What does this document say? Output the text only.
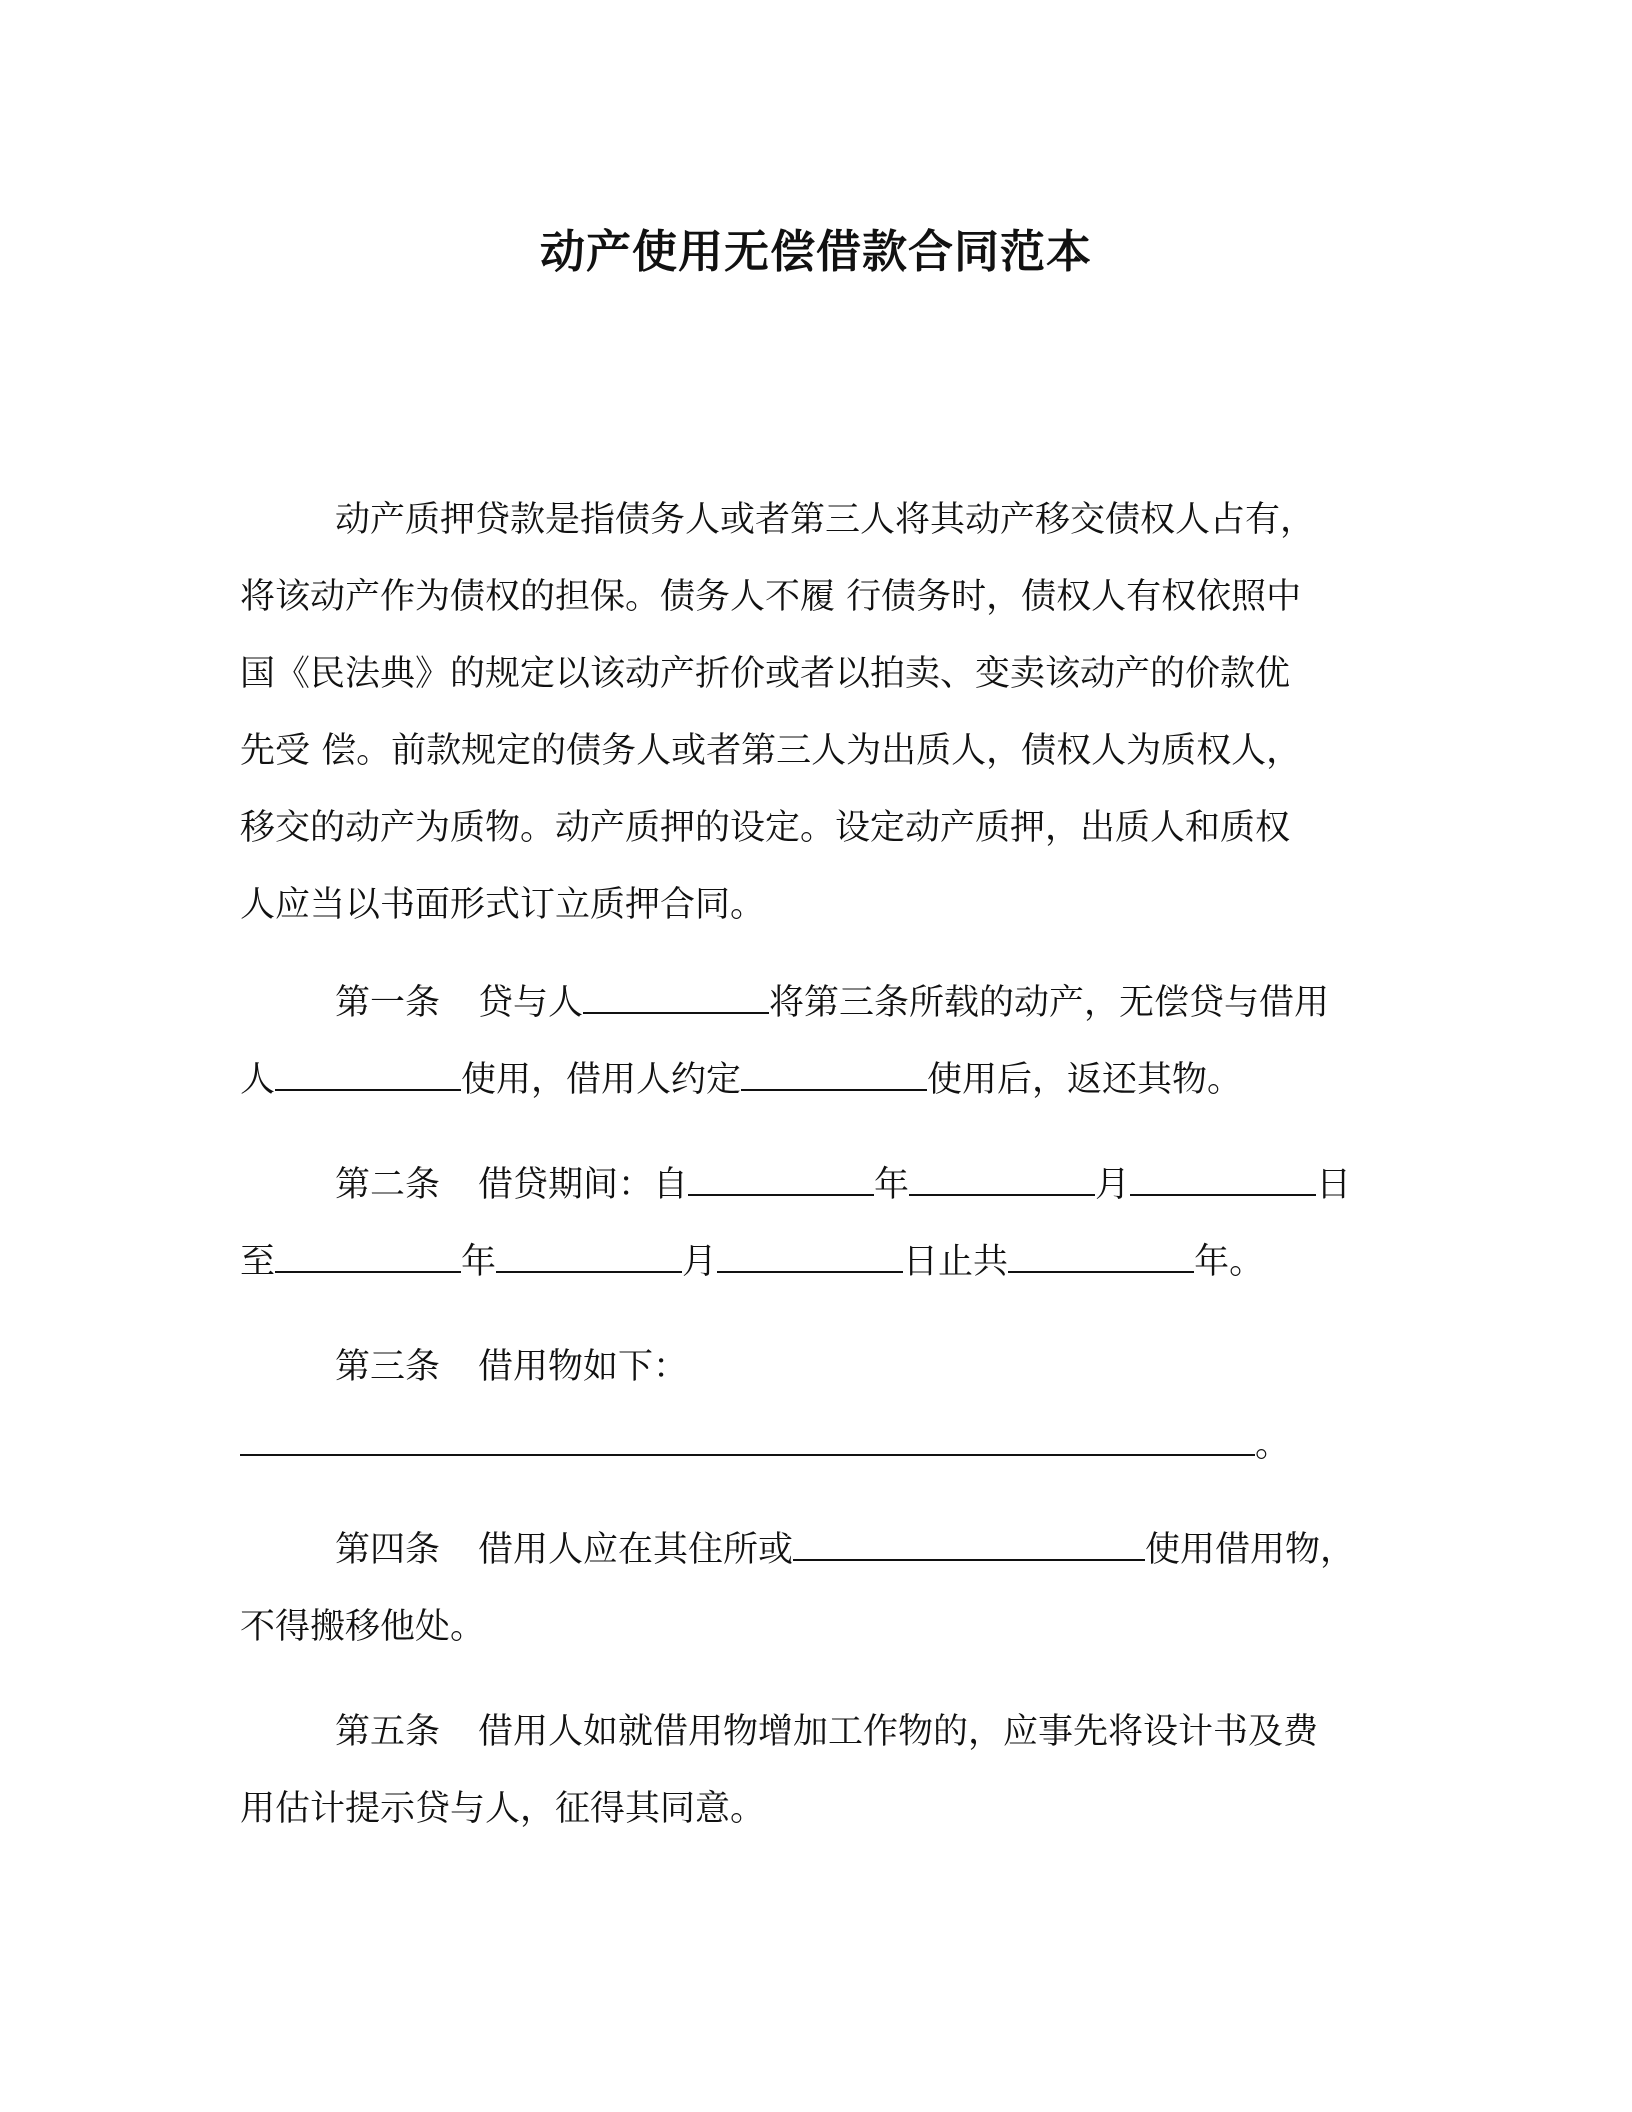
动产使用无偿借款合同范本
动产质押贷款是指债务人或者第三人将其动产移交债权人占有，
将该动产作为债权的担保。债务人不履 行债务时，债权人有权依照中
国《民法典》的规定以该动产折价或者以拍卖、变卖该动产的价款优
先受 偿。前款规定的债务人或者第三人为出质人，债权人为质权人，
移交的动产为质物。动产质押的设定。设定动产质押，出质人和质权
人应当以书面形式订立质押合同。
第一条 贷与人	将第三条所载的动产，无偿贷与借用
人	使用，借用人约定	使用后，返还其物。
第二条 借贷期间：自	年	月	日
至	年	月	日止共	年。
第三条 借用物如下：
。
第四条 借用人应在其住所或	使用借用物，
不得搬移他处。
第五条 借用人如就借用物增加工作物的，应事先将设计书及费
用估计提示贷与人，征得其同意。
